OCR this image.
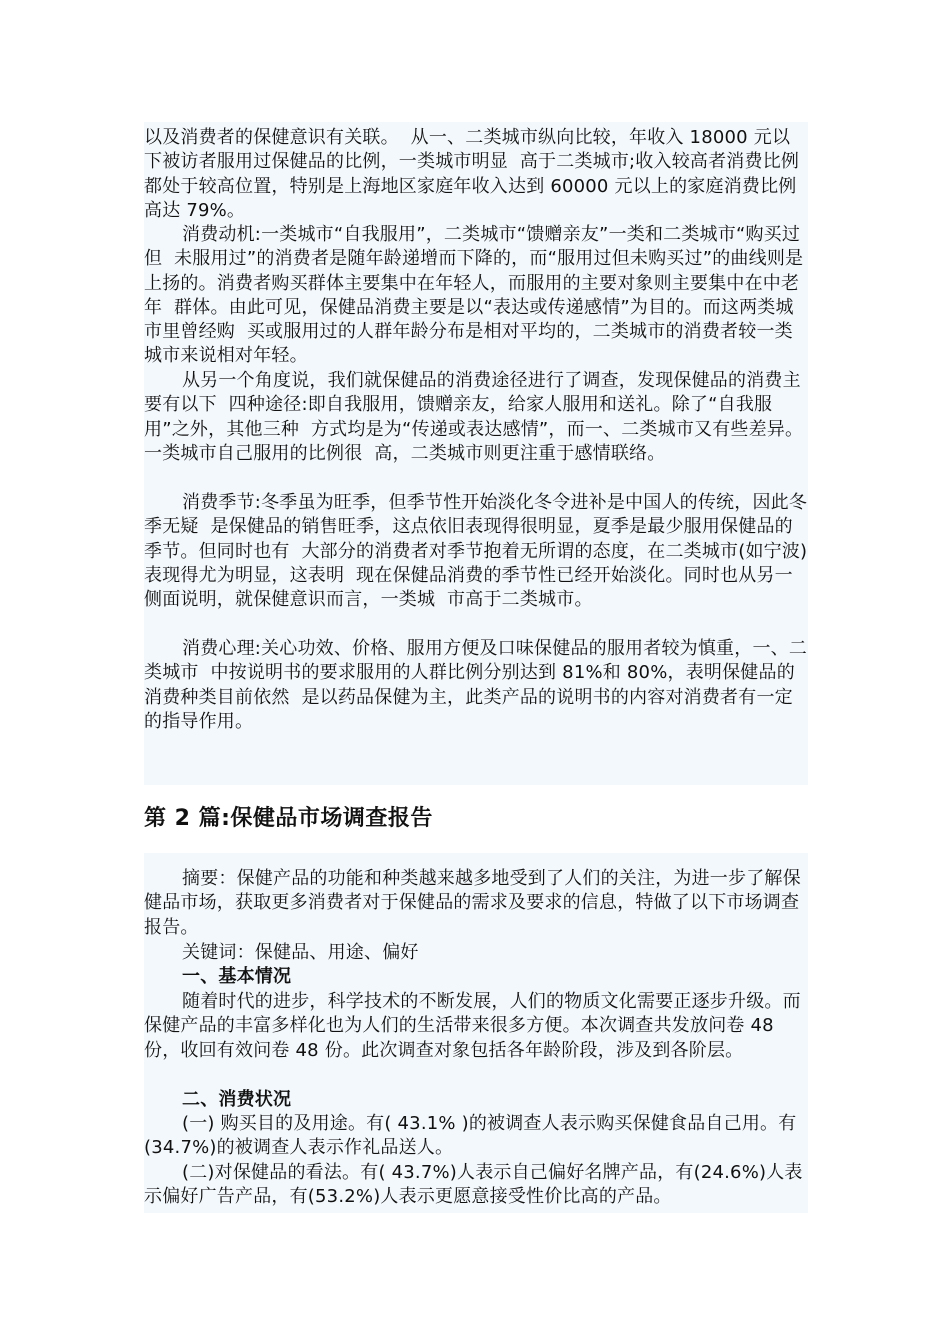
以及消费者的保健意识有关联。  从一、二类城市纵向比较，年收入 18000 元以下被访者服用过保健品的比例，一类城市明显  高于二类城市;收入较高者消费比例都处于较高位置，特别是上海地区家庭年收入达到 60000 元以上的家庭消费比例高达 79%。

消费动机:一类城市“自我服用”，二类城市“馈赠亲友”一类和二类城市“购买过但  未服用过”的消费者是随年龄递增而下降的，而“服用过但未购买过”的曲线则是上扬的。消费者购买群体主要集中在年轻人，而服用的主要对象则主要集中在中老年  群体。由此可见，保健品消费主要是以“表达或传递感情”为目的。而这两类城市里曾经购  买或服用过的人群年龄分布是相对平均的，二类城市的消费者较一类城市来说相对年轻。

从另一个角度说，我们就保健品的消费途径进行了调查，发现保健品的消费主要有以下  四种途径:即自我服用，馈赠亲友，给家人服用和送礼。除了“自我服用”之外，其他三种  方式均是为“传递或表达感情”，而一、二类城市又有些差异。一类城市自己服用的比例很  高，二类城市则更注重于感情联络。

消费季节:冬季虽为旺季，但季节性开始淡化冬令进补是中国人的传统，因此冬季无疑  是保健品的销售旺季，这点依旧表现得很明显，夏季是最少服用保健品的季节。但同时也有  大部分的消费者对季节抱着无所谓的态度，在二类城市(如宁波)表现得尤为明显，这表明  现在保健品消费的季节性已经开始淡化。同时也从另一侧面说明，就保健意识而言，一类城  市高于二类城市。

消费心理:关心功效、价格、服用方便及口味保健品的服用者较为慎重，一、二类城市  中按说明书的要求服用的人群比例分别达到 81%和 80%，表明保健品的消费种类目前依然  是以药品保健为主，此类产品的说明书的内容对消费者有一定的指导作用。

第 2 篇:保健品市场调查报告

摘要：保健产品的功能和种类越来越多地受到了人们的关注，为进一步了解保健品市场，获取更多消费者对于保健品的需求及要求的信息，特做了以下市场调查报告。

关键词：保健品、用途、偏好

一、基本情况

随着时代的进步，科学技术的不断发展，人们的物质文化需要正逐步升级。而保健产品的丰富多样化也为人们的生活带来很多方便。本次调查共发放问卷 48 份，收回有效问卷 48 份。此次调查对象包括各年龄阶段，涉及到各阶层。

二、消费状况

(一) 购买目的及用途。有( 43.1% )的被调查人表示购买保健食品自己用。有(34.7%)的被调查人表示作礼品送人。

(二)对保健品的看法。有( 43.7%)人表示自己偏好名牌产品，有(24.6%)人表示偏好广告产品，有(53.2%)人表示更愿意接受性价比高的产品。
